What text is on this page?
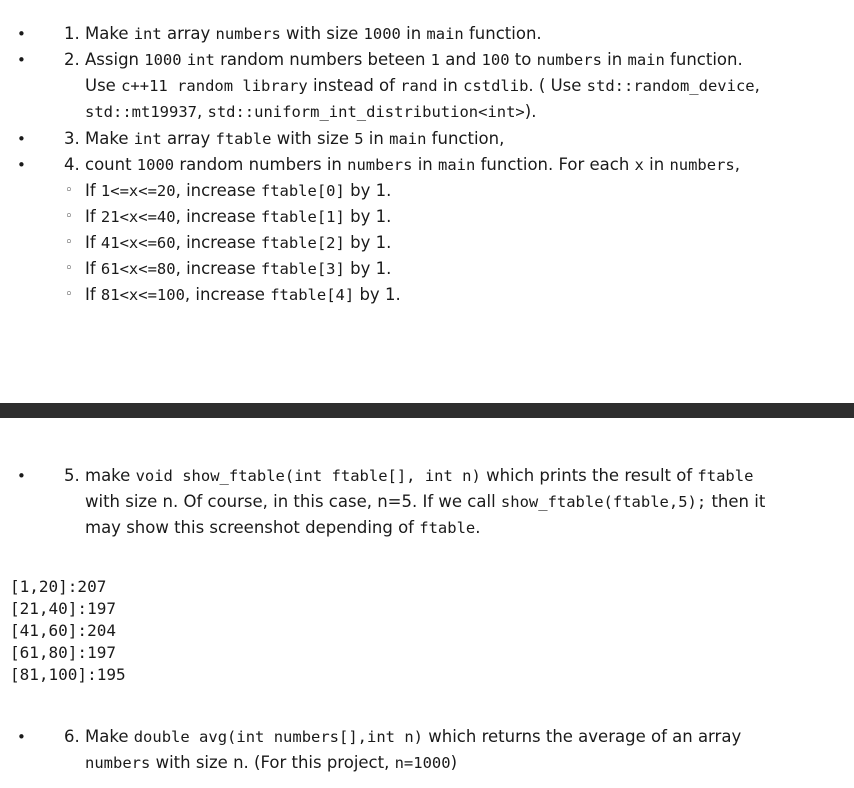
• 1. Make int array numbers with size 1000 in main function.
• 2. Assign 1000 int random numbers beteen 1 and 100 to numbers in main function.
Use c++11 random library instead of rand in cstdlib. ( Use std::random_device,
std::mt19937, std::uniform_int_distribution<int>).
• 3. Make int array ftable with size 5 in main function,
• 4. count 1000 random numbers in numbers in main function. For each x in numbers,
◦ If 1<=x<=20, increase ftable[0] by 1.
◦ If 21<x<=40, increase ftable[1] by 1.
◦ If 41<x<=60, increase ftable[2] by 1.
◦ If 61<x<=80, increase ftable[3] by 1.
◦ If 81<x<=100, increase ftable[4] by 1.
• 5. make void show_ftable(int ftable[], int n) which prints the result of ftable
with size n. Of course, in this case, n=5. If we call show_ftable(ftable,5); then it
may show this screenshot depending of ftable.
[1,20]:207
[21,40]:197
[41,60]:204
[61,80]:197
[81,100]:195
• 6. Make double avg(int numbers[],int n) which returns the average of an array
numbers with size n. (For this project, n=1000)
